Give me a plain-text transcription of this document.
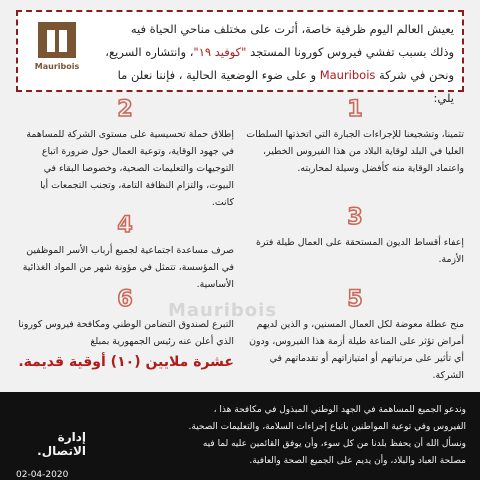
Mauribois
يعيش العالم اليوم ظرفية خاصة، أثرت على مختلف مناحي الحياة فيه
وذلك بسبب تفشي فيروس كورونا المستجد "كوفيد ١٩"، وانتشاره السريع،
ونحن في شركة Mauribois و على ضوء الوضعية الحالية ، فإننا نعلن ما يلي:
1

تثمينا، وتشجيعنا للإجراءات الجبارة التي اتخذتها السلطات العليا في البلد لوقاية البلاد من هذا الفيروس الخطير، واعتماد الوقاية منه كأفضل وسيلة لمحاربته.

2

إطلاق حملة تحسيسية على مستوى الشركة للمساهمة في جهود الوقاية، وتوعية العمال حول ضرورة اتباع التوجيهات والتعليمات الصحية، وخصوصا البقاء في البيوت، والتزام النظافة التامة، وتجنب التجمعات أيا كانت.

3

إعفاء أقساط الديون المستحقة على العمال طيلة فترة الأزمة.

4

صرف مساعدة اجتماعية لجميع أرباب الأسر الموظفين في المؤسسة، تتمثل في مؤونة شهر من المواد الغذائية الأساسية.

5

منح عطلة معوضة لكل العمال المسنين، و الذين لديهم أمراض تؤثر على المناعة طيلة أزمة هذا الفيروس، ودون أي تأثير على مرتباتهم أو امتيازاتهم أو تقدماتهم في الشركة.

6

التبرع لصندوق التضامن الوطني ومكافحة فيروس كورونا الذي أعلن عنه رئيس الجمهورية بمبلغ

عشرة ملايين (١٠) أوقية قديمة.
Mauribois
وندعو الجميع للمساهمة في الجهد الوطني المبذول في مكافحة هذا ،
الفيروس وفي توعية المواطنين باتباع إجراءات السلامة، والتعليمات الصحية.
ونسأل الله أن يحفظ بلدنا من كل سوء، وأن يوفق القائمين عليه لما فيه
مصلحة العباد والبلاد، وأن يديم على الجميع الصحة والعافية.
إدارة الاتصال.
02-04-2020
